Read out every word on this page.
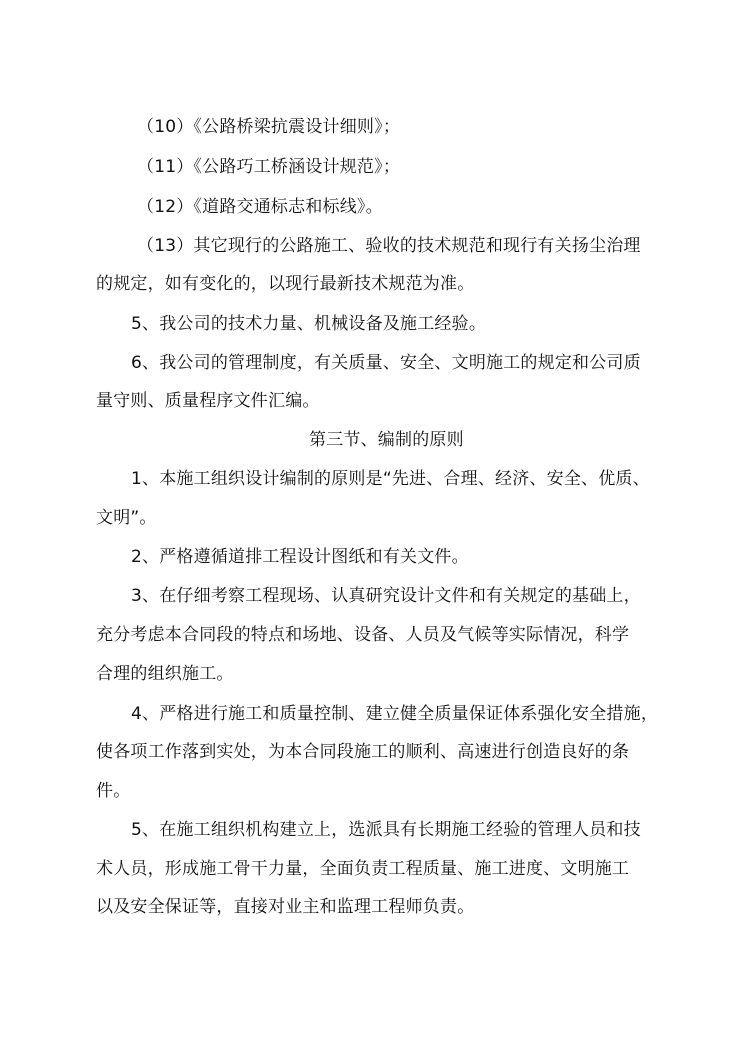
（10）《公路桥梁抗震设计细则》；
（11）《公路巧工桥涵设计规范》；
（12）《道路交通标志和标线》。
（13）其它现行的公路施工、验收的技术规范和现行有关扬尘治理
的规定，如有变化的，以现行最新技术规范为准。
5、我公司的技术力量、机械设备及施工经验。
6、我公司的管理制度，有关质量、安全、文明施工的规定和公司质
量守则、质量程序文件汇编。
第三节、编制的原则
1、本施工组织设计编制的原则是“先进、合理、经济、安全、优质、
文明”。
2、严格遵循道排工程设计图纸和有关文件。
3、在仔细考察工程现场、认真研究设计文件和有关规定的基础上，
充分考虑本合同段的特点和场地、设备、人员及气候等实际情况，科学
合理的组织施工。
4、严格进行施工和质量控制、建立健全质量保证体系强化安全措施，
使各项工作落到实处，为本合同段施工的顺利、高速进行创造良好的条
件。
5、在施工组织机构建立上，选派具有长期施工经验的管理人员和技
术人员，形成施工骨干力量，全面负责工程质量、施工进度、文明施工
以及安全保证等，直接对业主和监理工程师负责。
